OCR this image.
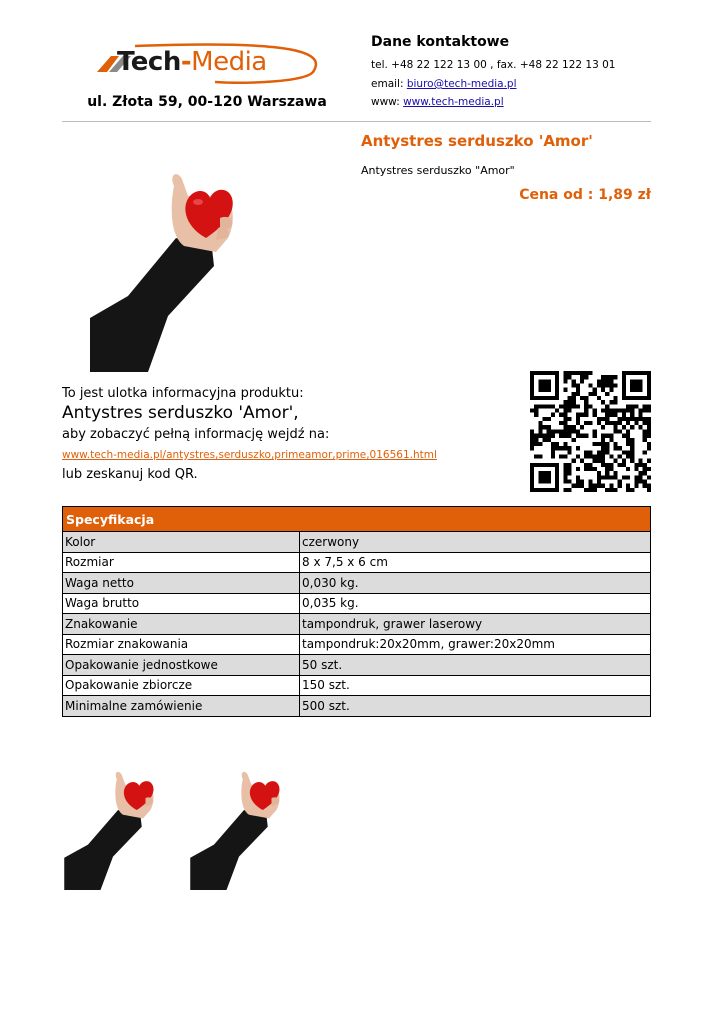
Tech-Media
ul. Złota 59, 00-120 Warszawa
Dane kontaktowe
tel. +48 22 122 13 00 , fax. +48 22 122 13 01
email: biuro@tech-media.pl
www: www.tech-media.pl
Antystres serduszko 'Amor'
Antystres serduszko "Amor"
Cena od : 1,89 zł
To jest ulotka informacyjna produktu:
Antystres serduszko 'Amor',
aby zobaczyć pełną informację wejdź na:
www.tech-media.pl/antystres,serduszko,primeamor,prime,016561.html
lub zeskanuj kod QR.
Specyfikacja	
Kolor	czerwony
Rozmiar	8 x 7,5 x 6 cm
Waga netto	0,030 kg.
Waga brutto	0,035 kg.
Znakowanie	tampondruk, grawer laserowy
Rozmiar znakowania	tampondruk:20x20mm, grawer:20x20mm
Opakowanie jednostkowe	50 szt.
Opakowanie zbiorcze	150 szt.
Minimalne zamówienie	500 szt.
